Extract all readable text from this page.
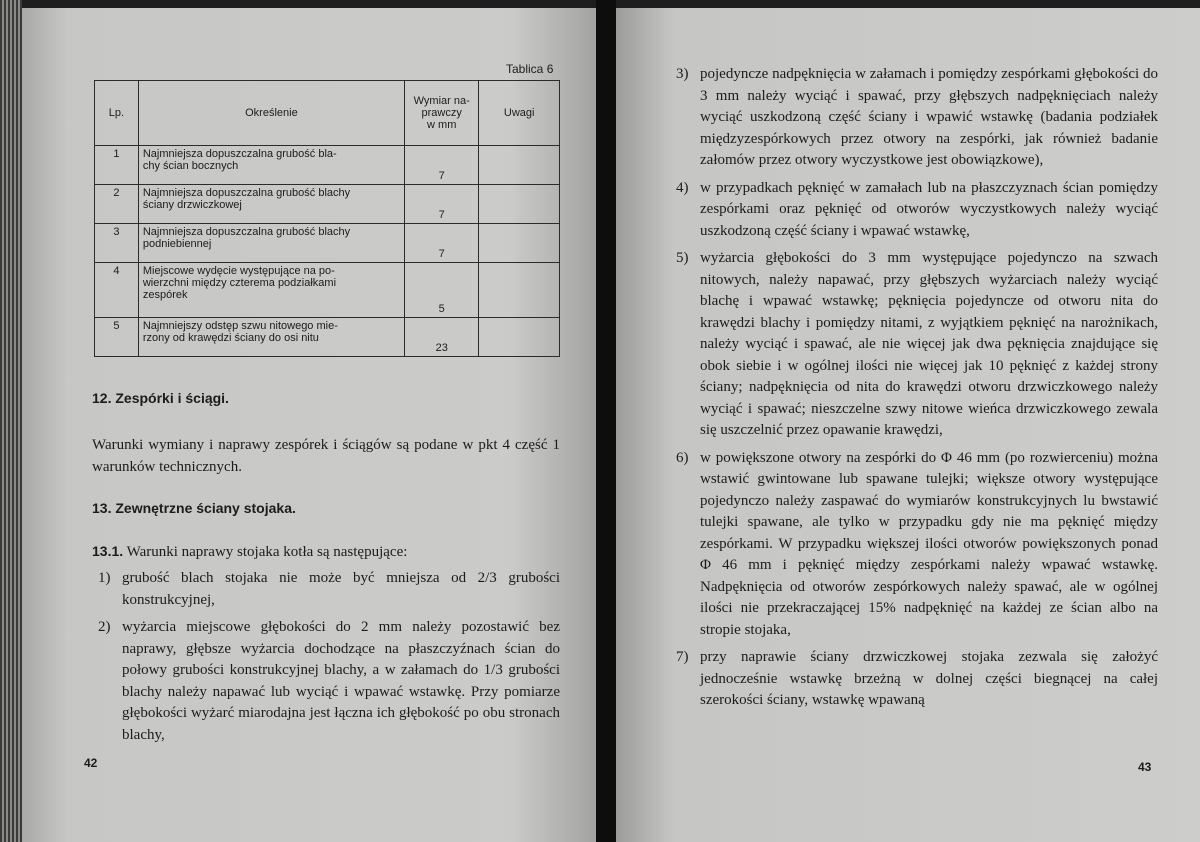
Tablica 6
Lp.	Określenie	Wymiar na-
prawczy
w mm	Uwagi
1	Najmniejsza dopuszczalna grubość bla-
chy ścian bocznych	7	
2	Najmniejsza dopuszczalna grubość blachy
ściany drzwiczkowej	7	
3	Najmniejsza dopuszczalna grubość blachy
podniebiennej	7	
4	Miejscowe wydęcie występujące na po-
wierzchni między czterema podziałkami
zespórek	5	
5	Najmniejszy odstęp szwu nitowego mie-
rzony od krawędzi ściany do osi nitu	23	
12. Zespórki i ściągi.
Warunki wymiany i naprawy zespórek i ściągów są podane w pkt 4 część 1 warunków technicznych.
13. Zewnętrzne ściany stojaka.
13.1. Warunki naprawy stojaka kotła są następujące:
1) grubość blach stojaka nie może być mniejsza od 2/3 grubości konstrukcyjnej,
2) wyżarcia miejscowe głębokości do 2 mm należy pozostawić bez naprawy, głębsze wyżarcia dochodzące na płaszczyźnach ścian do połowy grubości konstrukcyjnej blachy, a w załamach do 1/3 grubości blachy należy napawać lub wyciąć i wpawać wstawkę. Przy pomiarze głębokości wyżarć miarodajna jest łączna ich głębokość po obu stronach blachy,
42
3) pojedyncze nadpęknięcia w załamach i pomiędzy zespórkami głębokości do 3 mm należy wyciąć i spawać, przy głębszych nadpęknięciach należy wyciąć uszkodzoną część ściany i wpawić wstawkę (badania podziałek międzyzespórkowych przez otwory na zespórki, jak również badanie załomów przez otwory wyczystkowe jest obowiązkowe),
4) w przypadkach pęknięć w zamałach lub na płaszczyznach ścian pomiędzy zespórkami oraz pęknięć od otworów wyczystkowych należy wyciąć uszkodzoną część ściany i wpawać wstawkę,
5) wyżarcia głębokości do 3 mm występujące pojedynczo na szwach nitowych, należy napawać, przy głębszych wyżarciach należy wyciąć blachę i wpawać wstawkę; pęknięcia pojedyncze od otworu nita do krawędzi blachy i pomiędzy nitami, z wyjątkiem pęknięć na narożnikach, należy wyciąć i spawać, ale nie więcej jak dwa pęknięcia znajdujące się obok siebie i w ogólnej ilości nie więcej jak 10 pęknięć z każdej strony ściany; nadpęknięcia od nita do krawędzi otworu drzwiczkowego należy wyciąć i spawać; nieszczelne szwy nitowe wieńca drzwiczkowego zewala się uszczelnić przez opawanie krawędzi,
6) w powiększone otwory na zespórki do Φ 46 mm (po rozwierceniu) można wstawić gwintowane lub spawane tulejki; większe otwory występujące pojedynczo należy zaspawać do wymiarów konstrukcyjnych lu bwstawić tulejki spawane, ale tylko w przypadku gdy nie ma pęknięć między zespórkami. W przypadku większej ilości otworów powiększonych ponad Φ 46 mm i pęknięć między zespórkami należy wpawać wstawkę. Nadpęknięcia od otworów zespórkowych należy spawać, ale w ogólnej ilości nie przekraczającej 15% nadpęknięć na każdej ze ścian albo na stropie stojaka,
7) przy naprawie ściany drzwiczkowej stojaka zezwala się założyć jednocześnie wstawkę brzeżną w dolnej części biegnącej na całej szerokości ściany, wstawkę wpawaną
43
